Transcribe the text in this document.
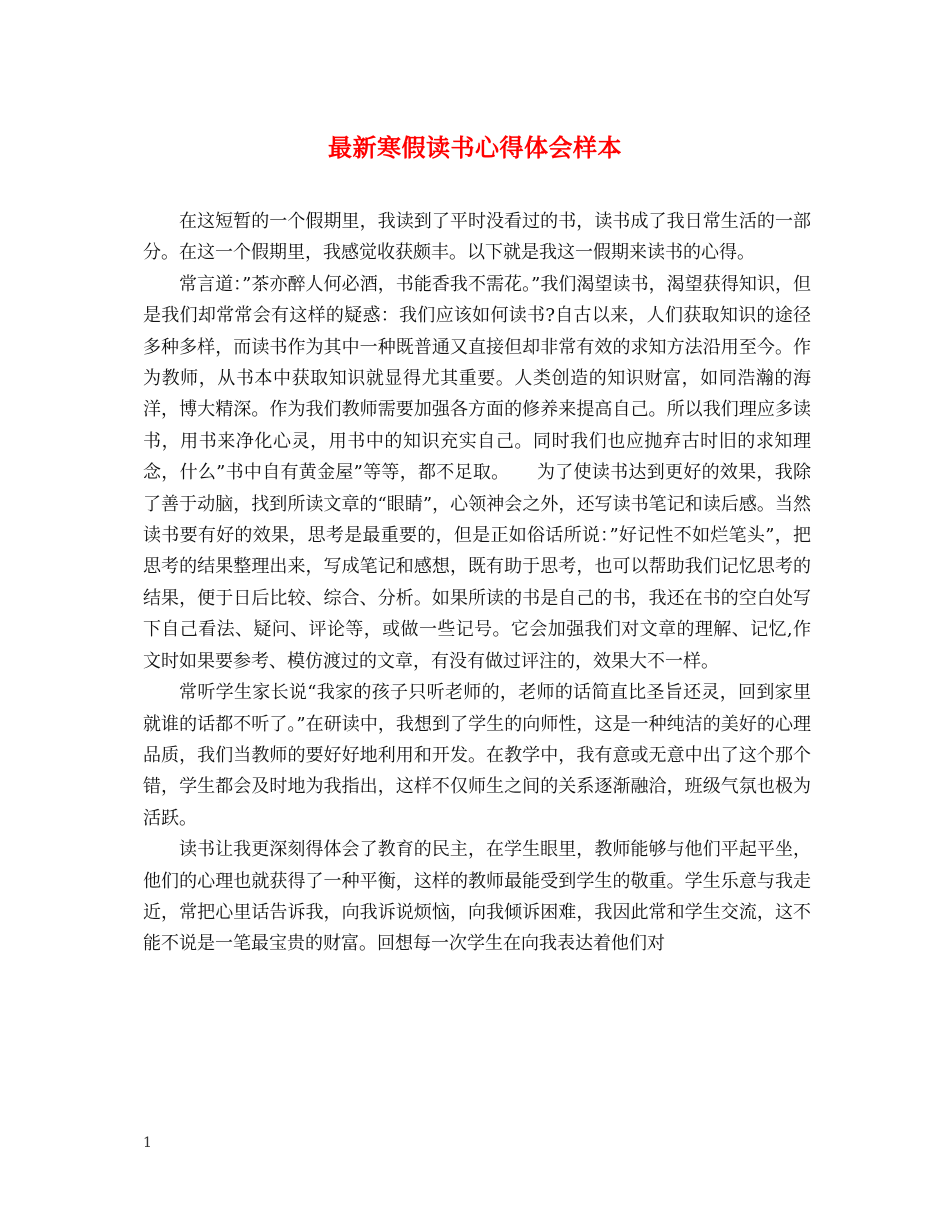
最新寒假读书心得体会样本

在这短暂的一个假期里，我读到了平时没看过的书，读书成了我日常生活的一部分。在这一个假期里，我感觉收获颇丰。以下就是我这一假期来读书的心得。

常言道：”茶亦醉人何必酒，书能香我不需花。”我们渴望读书，渴望获得知识，但是我们却常常会有这样的疑惑：我们应该如何读书?自古以来，人们获取知识的途径多种多样，而读书作为其中一种既普通又直接但却非常有效的求知方法沿用至今。作为教师，从书本中获取知识就显得尤其重要。人类创造的知识财富，如同浩瀚的海洋，博大精深。作为我们教师需要加强各方面的修养来提高自己。所以我们理应多读书，用书来净化心灵，用书中的知识充实自己。同时我们也应抛弃古时旧的求知理念，什么”书中自有黄金屋”等等，都不足取。　　为了使读书达到更好的效果，我除了善于动脑，找到所读文章的“眼睛”，心领神会之外，还写读书笔记和读后感。当然读书要有好的效果，思考是最重要的，但是正如俗话所说：”好记性不如烂笔头”，把思考的结果整理出来，写成笔记和感想，既有助于思考，也可以帮助我们记忆思考的结果，便于日后比较、综合、分析。如果所读的书是自己的书，我还在书的空白处写下自己看法、疑问、评论等，或做一些记号。它会加强我们对文章的理解、记忆,作文时如果要参考、模仿渡过的文章，有没有做过评注的，效果大不一样。

常听学生家长说“我家的孩子只听老师的，老师的话简直比圣旨还灵，回到家里就谁的话都不听了。”在研读中，我想到了学生的向师性，这是一种纯洁的美好的心理品质，我们当教师的要好好地利用和开发。在教学中，我有意或无意中出了这个那个错，学生都会及时地为我指出，这样不仅师生之间的关系逐渐融洽，班级气氛也极为活跃。

读书让我更深刻得体会了教育的民主，在学生眼里，教师能够与他们平起平坐，他们的心理也就获得了一种平衡，这样的教师最能受到学生的敬重。学生乐意与我走近，常把心里话告诉我，向我诉说烦恼，向我倾诉困难，我因此常和学生交流，这不能不说是一笔最宝贵的财富。回想每一次学生在向我表达着他们对

1
